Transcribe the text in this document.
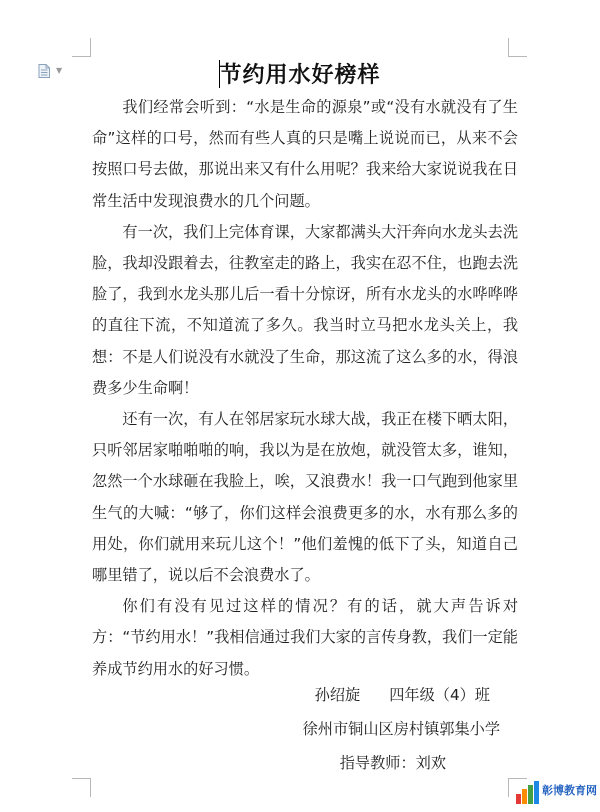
▼	节约用水好榜样

我们经常会听到：“水是生命的源泉”或“没有水就没有了生命”这样的口号，然而有些人真的只是嘴上说说而已，从来不会按照口号去做，那说出来又有什么用呢？我来给大家说说我在日常生活中发现浪费水的几个问题。

有一次，我们上完体育课，大家都满头大汗奔向水龙头去洗脸，我却没跟着去，往教室走的路上，我实在忍不住，也跑去洗脸了，我到水龙头那儿后一看十分惊讶，所有水龙头的水哗哗哗的直往下流，不知道流了多久。我当时立马把水龙头关上，我想：不是人们说没有水就没了生命，那这流了这么多的水，得浪费多少生命啊！

还有一次，有人在邻居家玩水球大战，我正在楼下晒太阳，只听邻居家啪啪啪的响，我以为是在放炮，就没管太多，谁知，忽然一个水球砸在我脸上，唉，又浪费水！我一口气跑到他家里生气的大喊：“够了，你们这样会浪费更多的水，水有那么多的用处，你们就用来玩儿这个！”他们羞愧的低下了头，知道自己哪里错了，说以后不会浪费水了。

你们有没有见过这样的情况？有的话，就大声告诉对方：“节约用水！”我相信通过我们大家的言传身教，我们一定能养成节约用水的好习惯。

孙绍旋      四年级（4）班
徐州市铜山区房村镇郭集小学
指导教师：刘欢
彰博教育网
